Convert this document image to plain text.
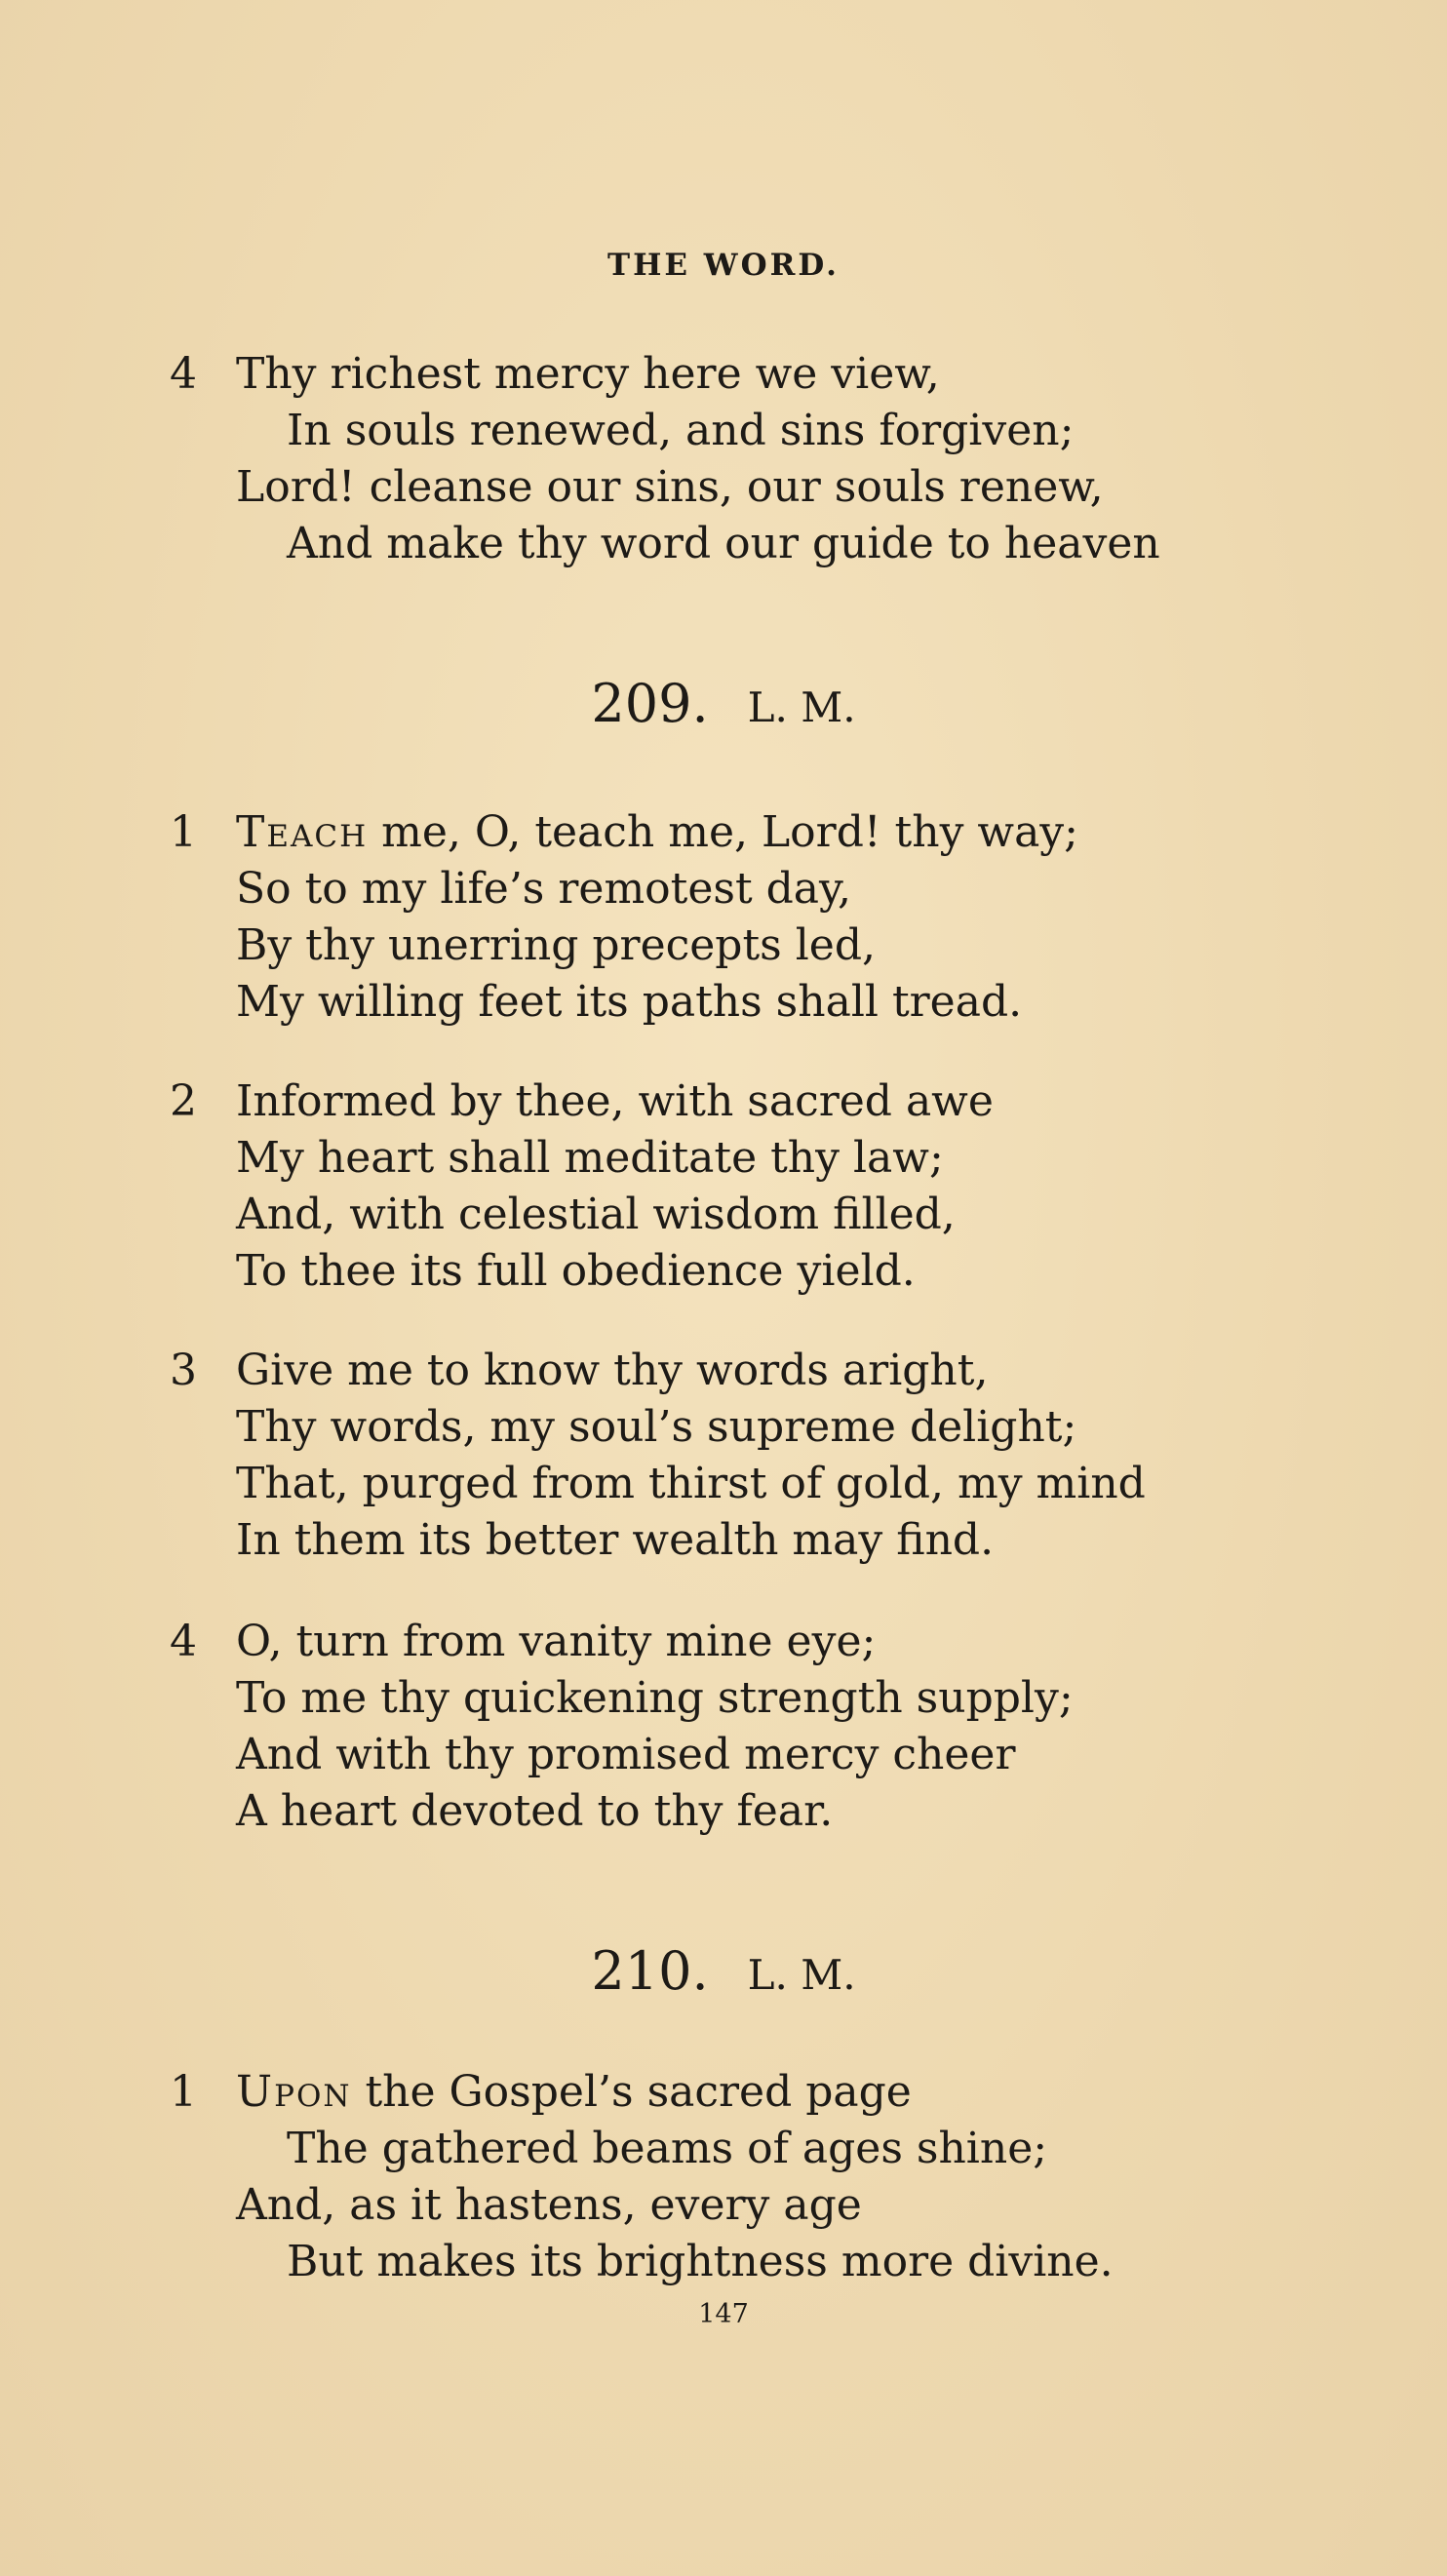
THE WORD.
4 Thy richest mercy here we view,
In souls renewed, and sins forgiven;
Lord! cleanse our sins, our souls renew,
And make thy word our guide to heaven
209. L. M.
1 Teach me, O, teach me, Lord! thy way;
So to my life’s remotest day,
By thy unerring precepts led,
My willing feet its paths shall tread.
2 Informed by thee, with sacred awe
My heart shall meditate thy law;
And, with celestial wisdom filled,
To thee its full obedience yield.
3 Give me to know thy words aright,
Thy words, my soul’s supreme delight;
That, purged from thirst of gold, my mind
In them its better wealth may find.
4 O, turn from vanity mine eye;
To me thy quickening strength supply;
And with thy promised mercy cheer
A heart devoted to thy fear.
210. L. M.
1 Upon the Gospel’s sacred page
The gathered beams of ages shine;
And, as it hastens, every age
But makes its brightness more divine.
147
